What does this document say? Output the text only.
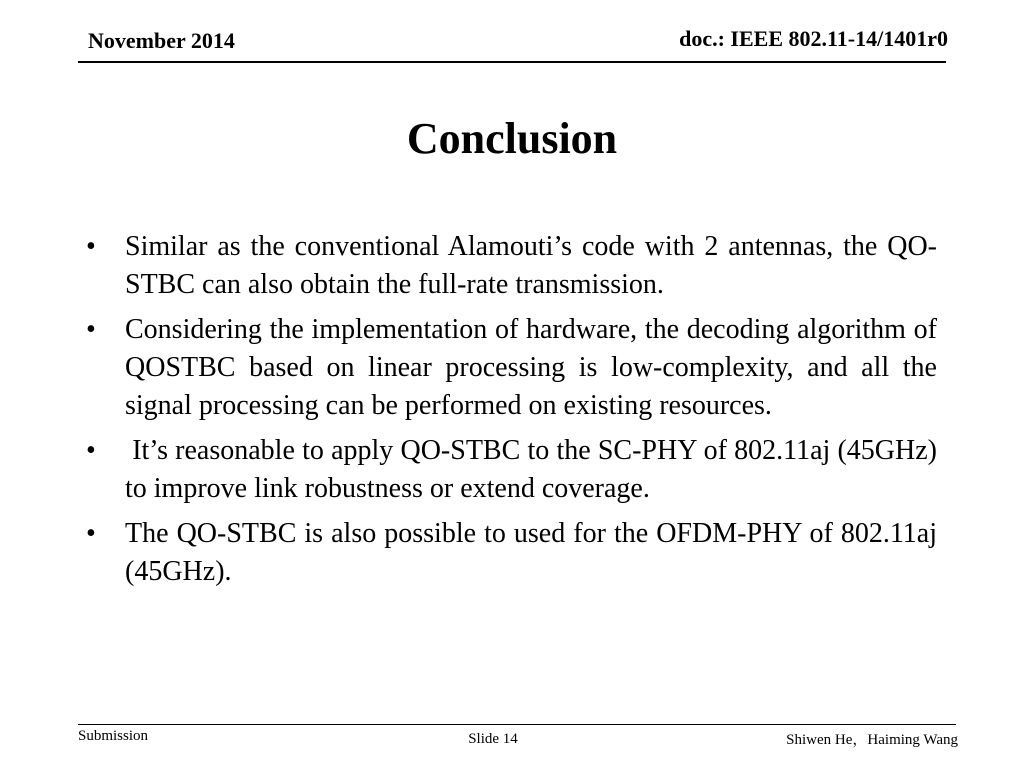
November 2014	doc.: IEEE 802.11-14/1401r0
Conclusion
•	Similar as the conventional Alamouti’s code with 2 antennas, the QO-STBC can also obtain the full-rate transmission.
•	Considering the implementation of hardware, the decoding algorithm of QOSTBC based on linear processing is low-complexity, and all the signal processing can be performed on existing resources.
•	It’s reasonable to apply QO-STBC to the SC-PHY of 802.11aj (45GHz) to improve link robustness or extend coverage.
•	The QO-STBC is also possible to used for the OFDM-PHY of 802.11aj (45GHz).
Submission	Slide 14	Shiwen He，Haiming Wang
